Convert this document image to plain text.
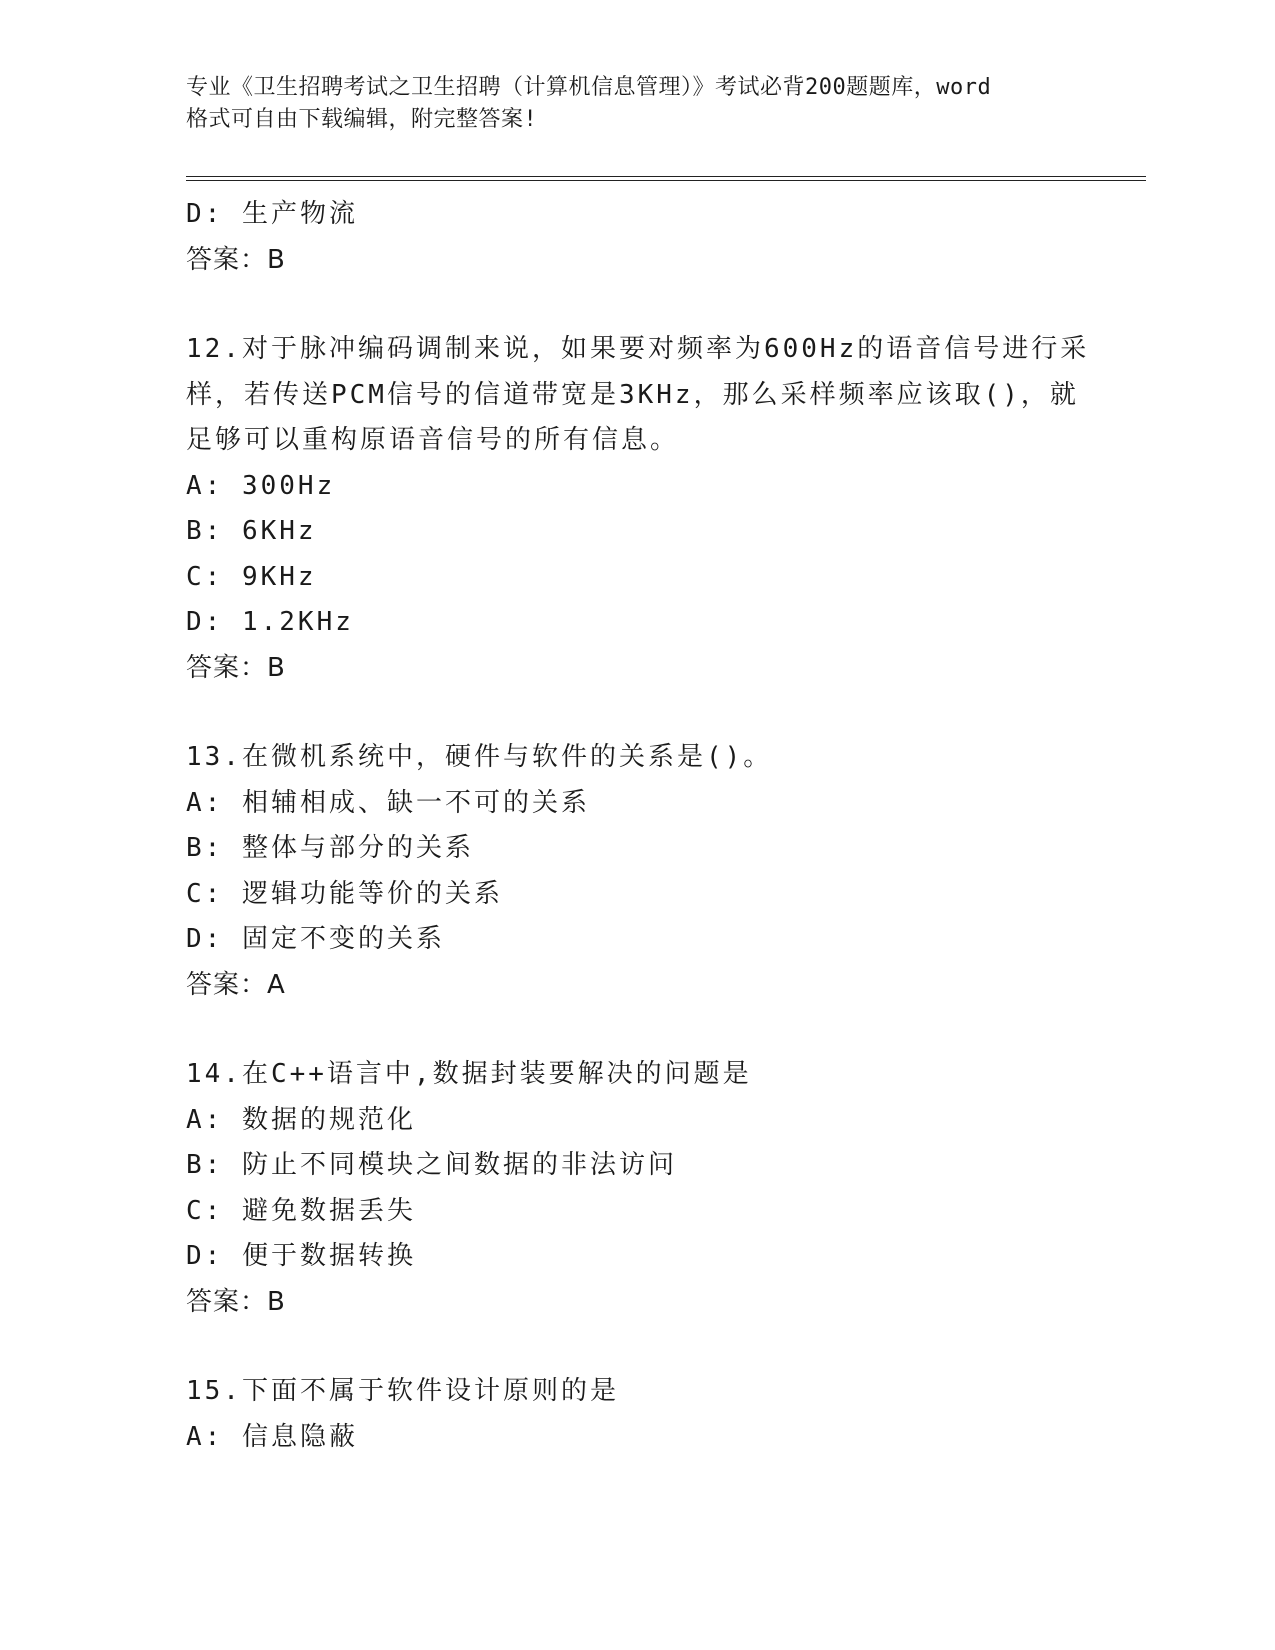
专业《卫生招聘考试之卫生招聘（计算机信息管理）》考试必背200题题库，word
格式可自由下载编辑，附完整答案!
D: 生产物流
答案：B
12.对于脉冲编码调制来说，如果要对频率为600Hz的语音信号进行采
样，若传送PCM信号的信道带宽是3KHz，那么采样频率应该取()，就
足够可以重构原语音信号的所有信息。
A: 300Hz
B: 6KHz
C: 9KHz
D: 1.2KHz
答案：B
13.在微机系统中，硬件与软件的关系是()。
A: 相辅相成、缺一不可的关系
B: 整体与部分的关系
C: 逻辑功能等价的关系
D: 固定不变的关系
答案：A
14.在C++语言中,数据封装要解决的问题是
A: 数据的规范化
B: 防止不同模块之间数据的非法访问
C: 避免数据丢失
D: 便于数据转换
答案：B
15.下面不属于软件设计原则的是
A: 信息隐蔽
